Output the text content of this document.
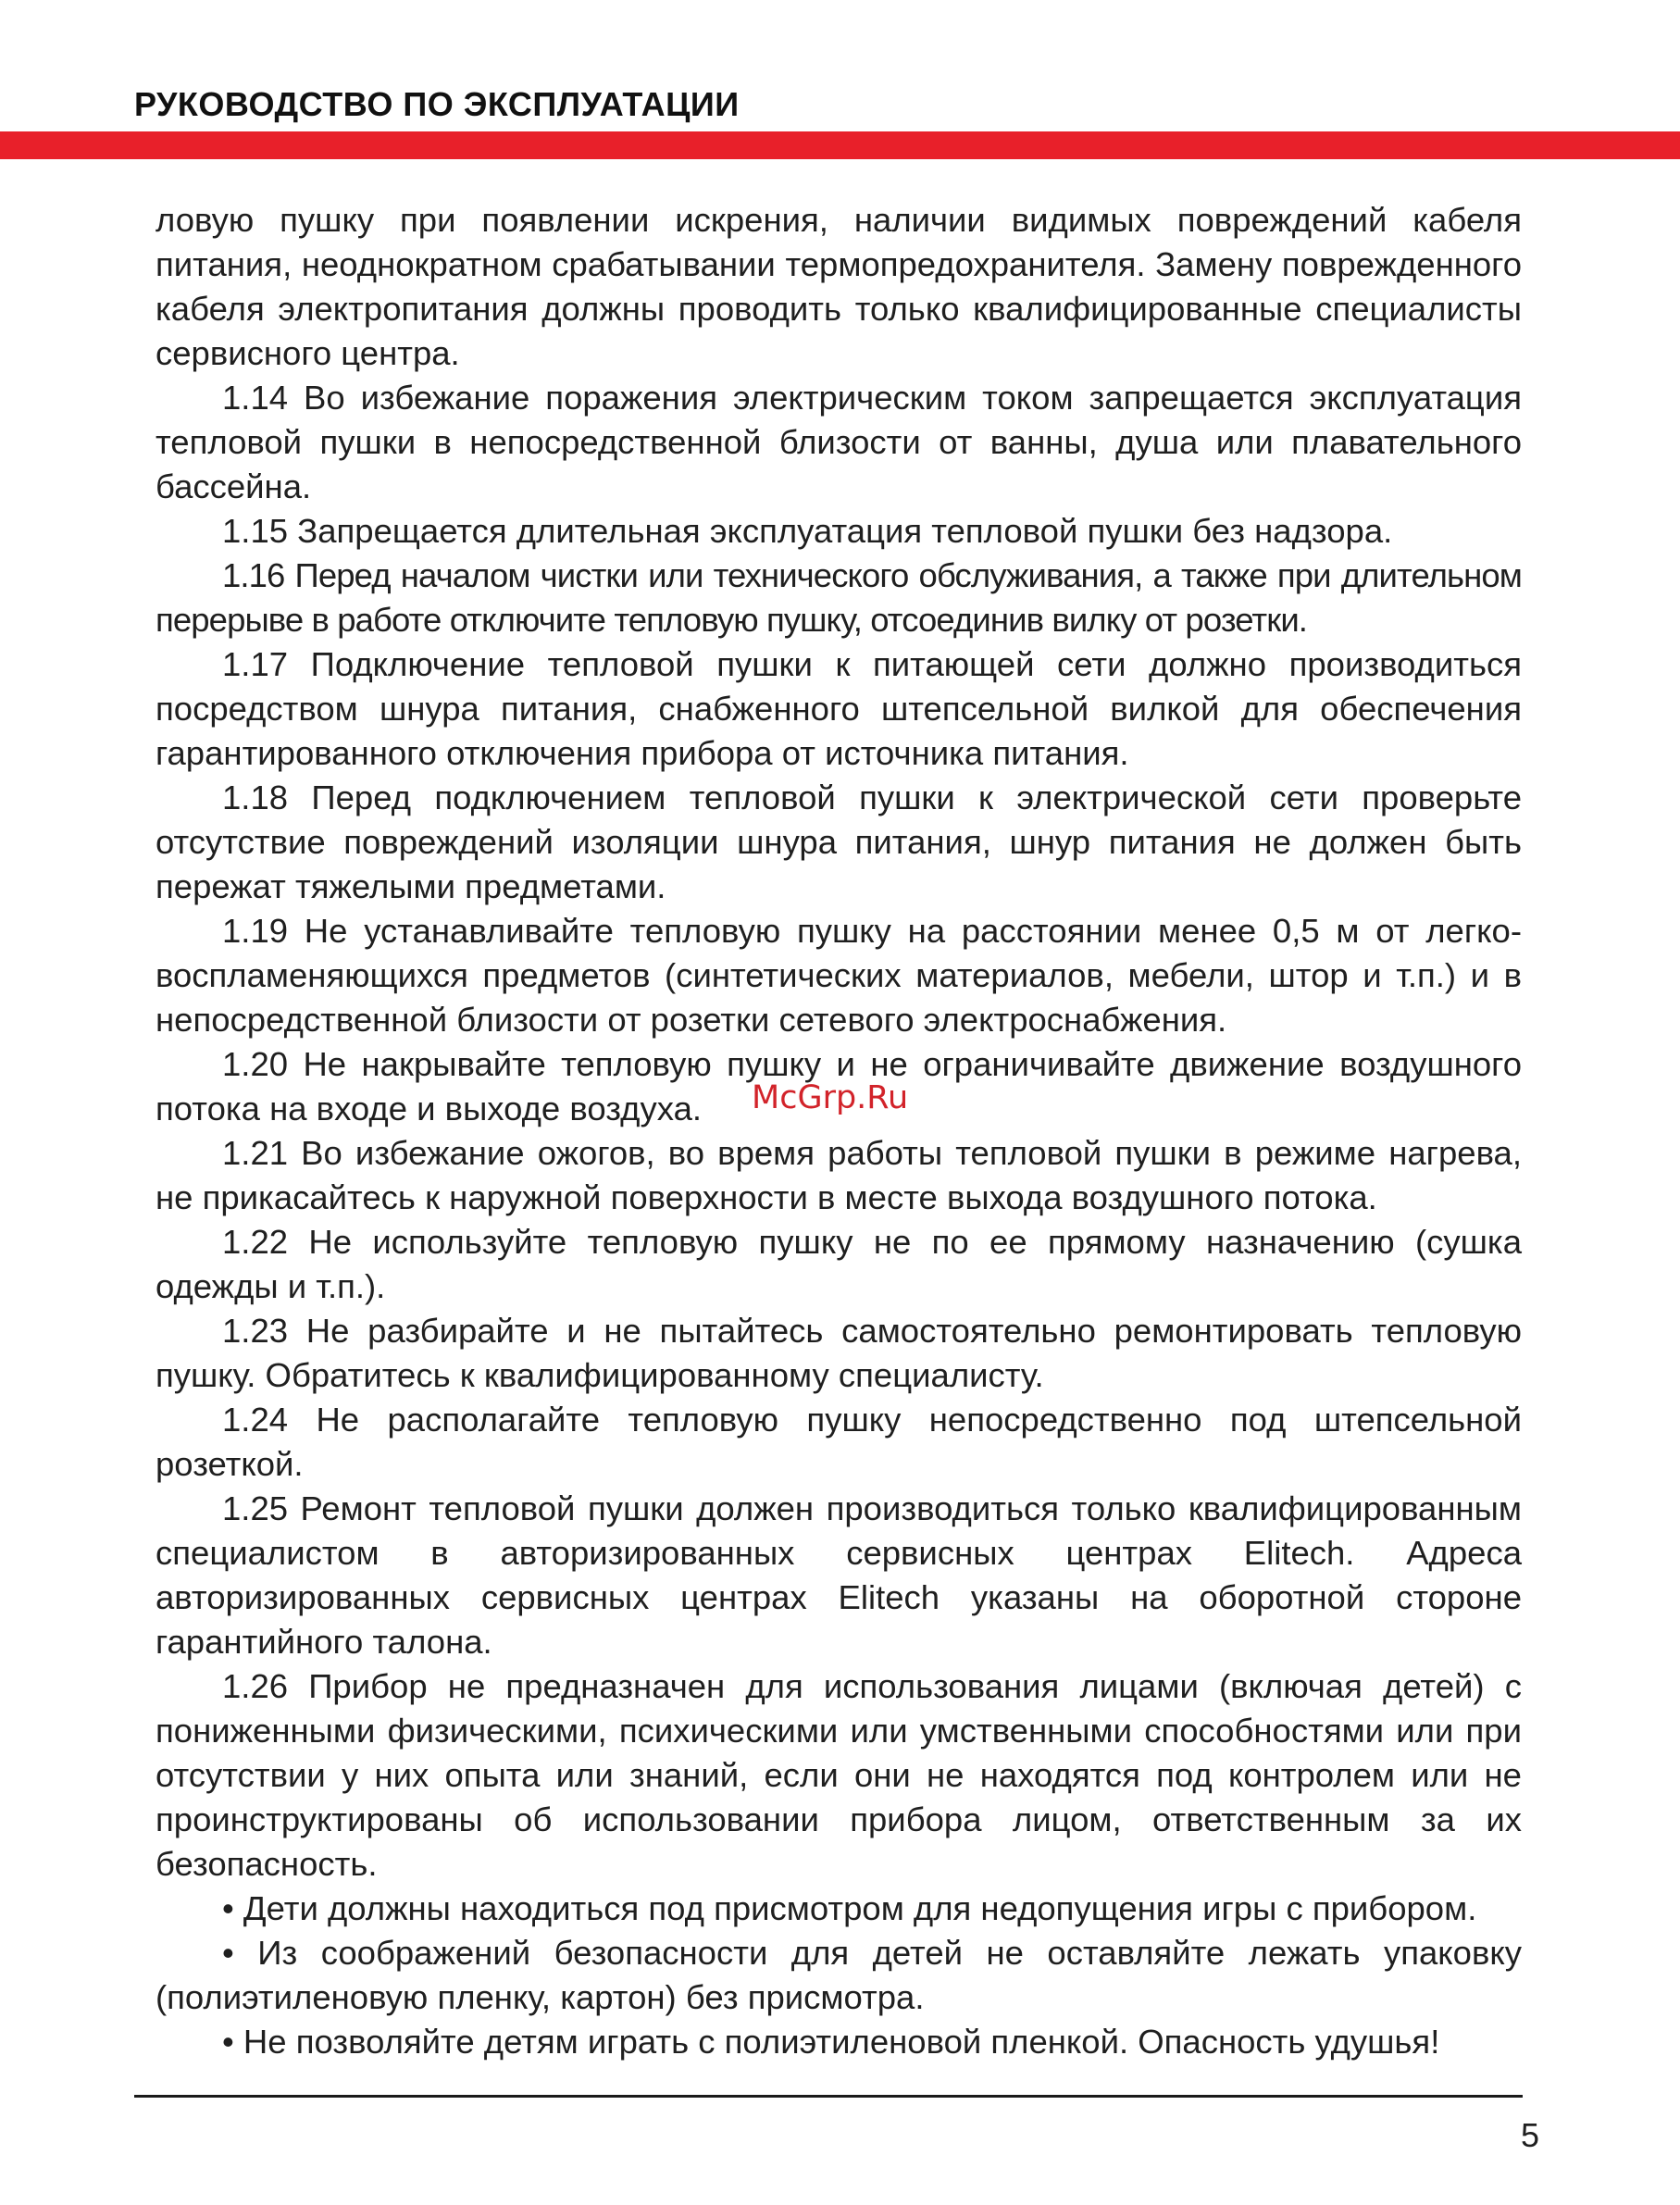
РУКОВОДСТВО ПО ЭКСПЛУАТАЦИИ

ловую пушку при появлении искрения, наличии видимых повреждений кабеля питания, неоднократном срабатывании термопредохранителя. Замену поврежденного кабеля электропитания должны проводить только квалифицированные специалисты сервисного центра.

1.14 Во избежание поражения электрическим током запрещается эксплуатация тепловой пушки в непосредственной близости от ванны, душа или плавательного бассейна.

1.15 Запрещается длительная эксплуатация тепловой пушки без надзора.

1.16 Перед началом чистки или технического обслуживания, а также при длительном перерыве в работе отключите тепловую пушку, отсоединив вилку от розетки.

1.17 Подключение тепловой пушки к питающей сети должно производиться посредством шнура питания, снабженного штепсельной вилкой для обеспечения гарантированного отключения прибора от источника питания.

1.18 Перед подключением тепловой пушки к электрической сети проверьте отсутствие повреждений изоляции шнура питания, шнур питания не должен быть пережат тяжелыми предметами.

1.19 Не устанавливайте тепловую пушку на расстоянии менее 0,5 м от легковоспламеняющихся предметов (синтетических материалов, мебели, штор и т.п.) и в непосредственной близости от розетки сетевого электроснабжения.

1.20 Не накрывайте тепловую пушку и не ограничивайте движение воздушного потока на входе и выходе воздуха.

1.21 Во избежание ожогов, во время работы тепловой пушки в режиме нагрева, не прикасайтесь к наружной поверхности в месте выхода воздушного потока.

1.22 Не используйте тепловую пушку не по ее прямому назначению (сушка одежды и т.п.).

1.23 Не разбирайте и не пытайтесь самостоятельно ремонтировать тепловую пушку. Обратитесь к квалифицированному специалисту.

1.24 Не располагайте тепловую пушку непосредственно под штепсельной розеткой.

1.25 Ремонт тепловой пушки должен производиться только квалифицированным специалистом в авторизированных сервисных центрах Elitech. Адреса авторизированных сервисных центрах Elitech указаны на оборотной стороне гарантийного талона.

1.26 Прибор не предназначен для использования лицами (включая детей) с пониженными физическими, психическими или умственными способностями или при отсутствии у них опыта или знаний, если они не находятся под контролем или не проинструктированы об использовании прибора лицом, ответственным за их безопасность.

• Дети должны находиться под присмотром для недопущения игры с прибором.

• Из соображений безопасности для детей не оставляйте лежать упаковку (полиэтиленовую пленку, картон) без присмотра.

• Не позволяйте детям играть с полиэтиленовой пленкой. Опасность удушья!

McGrp.Ru
5
